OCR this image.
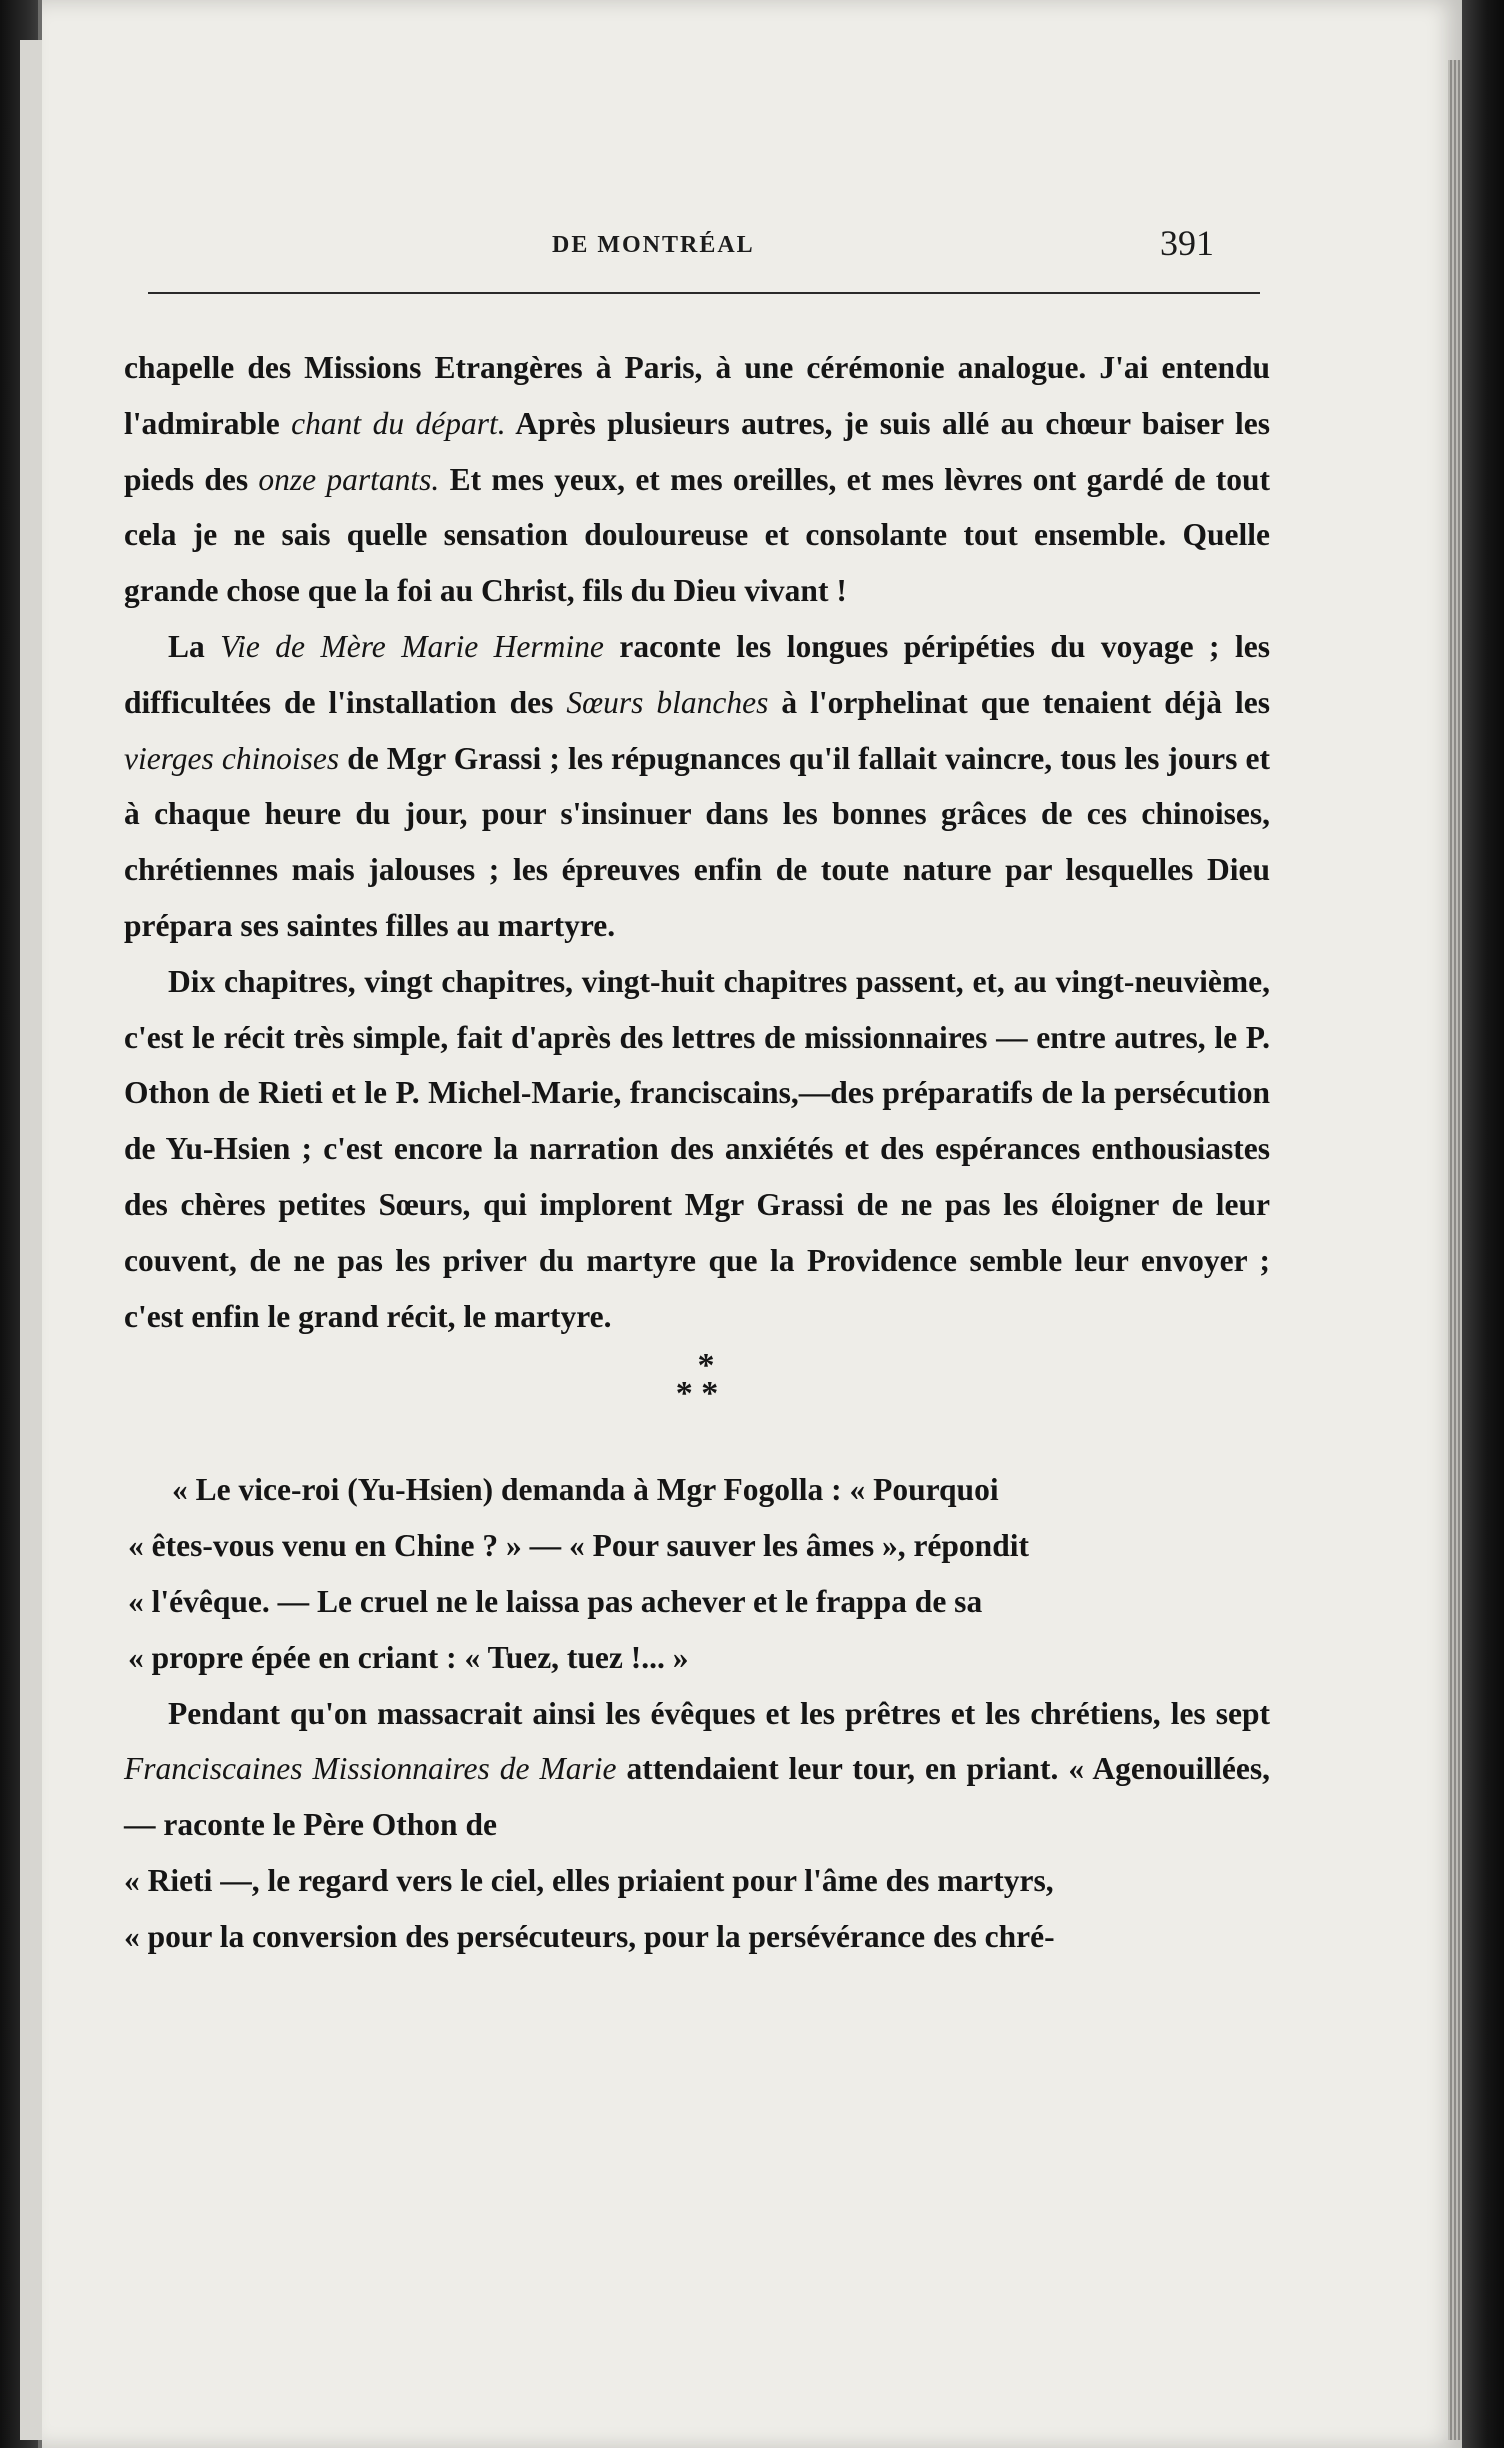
DE MONTRÉAL	391

chapelle des Missions Etrangères à Paris, à une cérémonie analogue. J'ai entendu l'admirable chant du départ. Après plusieurs autres, je suis allé au chœur baiser les pieds des onze partants. Et mes yeux, et mes oreilles, et mes lèvres ont gardé de tout cela je ne sais quelle sensation douloureuse et consolante tout ensemble. Quelle grande chose que la foi au Christ, fils du Dieu vivant !

La Vie de Mère Marie Hermine raconte les longues péripéties du voyage ; les difficultées de l'installation des Sœurs blanches à l'orphelinat que tenaient déjà les vierges chinoises de Mgr Grassi ; les répugnances qu'il fallait vaincre, tous les jours et à chaque heure du jour, pour s'insinuer dans les bonnes grâces de ces chinoises, chrétiennes mais jalouses ; les épreuves enfin de toute nature par lesquelles Dieu prépara ses saintes filles au martyre.

Dix chapitres, vingt chapitres, vingt-huit chapitres passent, et, au vingt-neuvième, c'est le récit très simple, fait d'après des lettres de missionnaires — entre autres, le P. Othon de Rieti et le P. Michel-Marie, franciscains,—des préparatifs de la persécution de Yu-Hsien ; c'est encore la narration des anxiétés et des espérances enthousiastes des chères petites Sœurs, qui implorent Mgr Grassi de ne pas les éloigner de leur couvent, de ne pas les priver du martyre que la Providence semble leur envoyer ; c'est enfin le grand récit, le martyre.

*
* *

« Le vice-roi (Yu-Hsien) demanda à Mgr Fogolla : « Pourquoi

« êtes-vous venu en Chine ? » — « Pour sauver les âmes », répondit

« l'évêque. — Le cruel ne le laissa pas achever et le frappa de sa

« propre épée en criant : « Tuez, tuez !... »

Pendant qu'on massacrait ainsi les évêques et les prêtres et les chrétiens, les sept Franciscaines Missionnaires de Marie attendaient leur tour, en priant. « Agenouillées, — raconte le Père Othon de

« Rieti —, le regard vers le ciel, elles priaient pour l'âme des martyrs,

« pour la conversion des persécuteurs, pour la persévérance des chré-
